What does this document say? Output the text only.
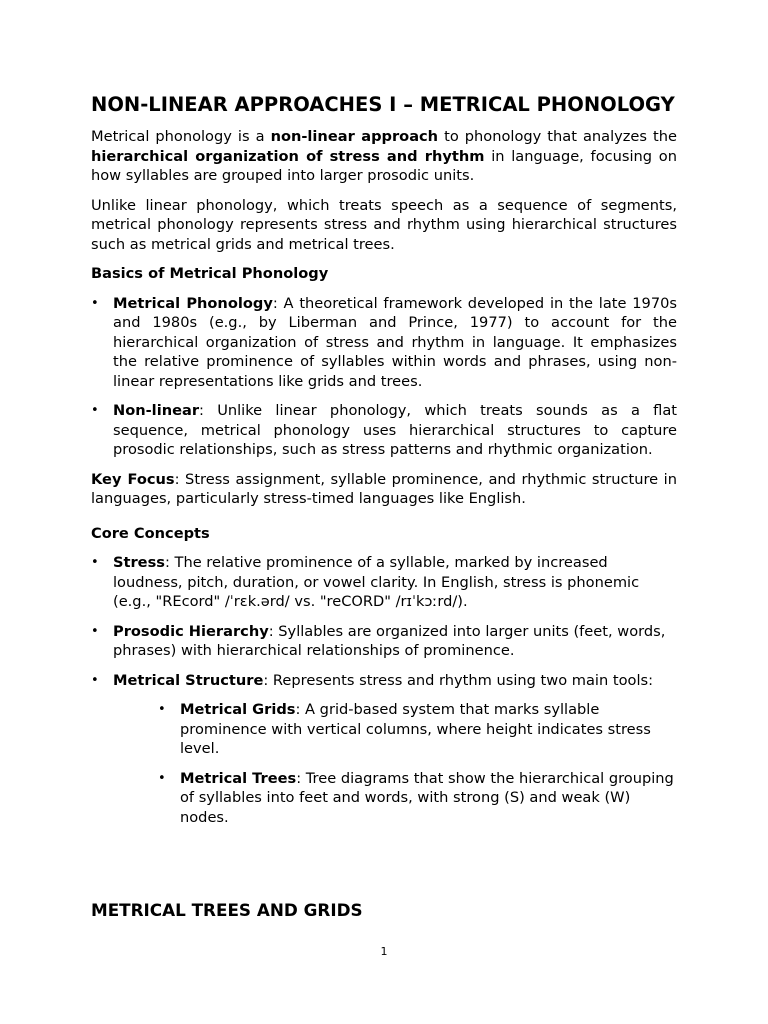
NON-LINEAR APPROACHES I – METRICAL PHONOLOGY

Metrical phonology is a non-linear approach to phonology that analyzes the hierarchical organization of stress and rhythm in language, focusing on how syllables are grouped into larger prosodic units.

Unlike linear phonology, which treats speech as a sequence of segments, metrical phonology represents stress and rhythm using hierarchical structures such as metrical grids and metrical trees.

Basics of Metrical Phonology
• Metrical Phonology: A theoretical framework developed in the late 1970s and 1980s (e.g., by Liberman and Prince, 1977) to account for the hierarchical organization of stress and rhythm in language. It emphasizes the relative prominence of syllables within words and phrases, using non-linear representations like grids and trees.
• Non-linear: Unlike linear phonology, which treats sounds as a flat sequence, metrical phonology uses hierarchical structures to capture prosodic relationships, such as stress patterns and rhythmic organization.

Key Focus: Stress assignment, syllable prominence, and rhythmic structure in languages, particularly stress-timed languages like English.

Core Concepts
• Stress: The relative prominence of a syllable, marked by increased loudness, pitch, duration, or vowel clarity. In English, stress is phonemic (e.g., "REcord" /ˈrɛk.ərd/ vs. "reCORD" /rɪˈkɔːrd/).
• Prosodic Hierarchy: Syllables are organized into larger units (feet, words, phrases) with hierarchical relationships of prominence.
• Metrical Structure: Represents stress and rhythm using two main tools:
• Metrical Grids: A grid-based system that marks syllable prominence with vertical columns, where height indicates stress level.
• Metrical Trees: Tree diagrams that show the hierarchical grouping of syllables into feet and words, with strong (S) and weak (W) nodes.
METRICAL TREES AND GRIDS
1
